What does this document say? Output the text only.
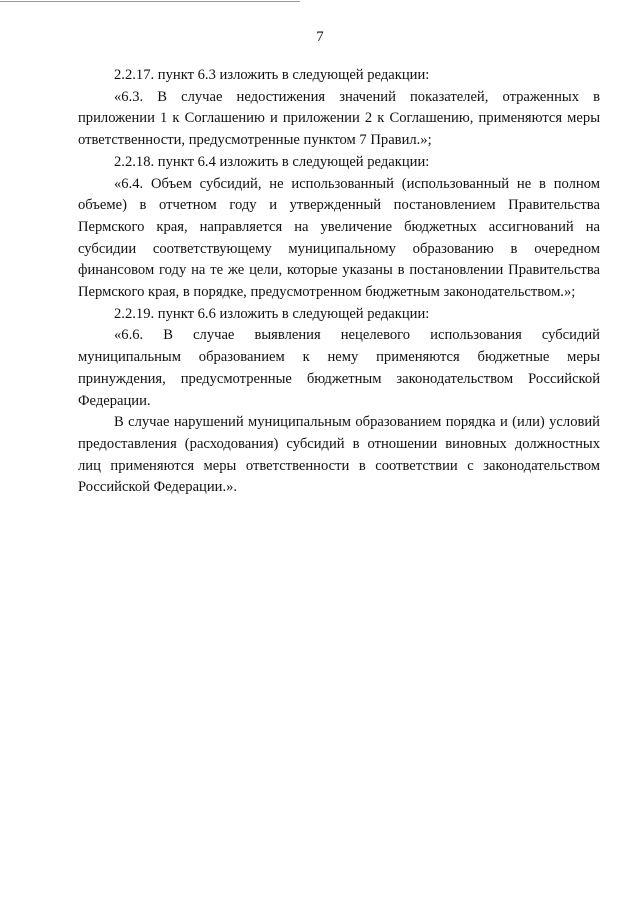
7

2.2.17. пункт 6.3 изложить в следующей редакции:

«6.3. В случае недостижения значений показателей, отраженных в приложении 1 к Соглашению и приложении 2 к Соглашению, применяются меры ответственности, предусмотренные пунктом 7 Правил.»;

2.2.18. пункт 6.4 изложить в следующей редакции:

«6.4. Объем субсидий, не использованный (использованный не в полном объеме) в отчетном году и утвержденный постановлением Правительства Пермского края, направляется на увеличение бюджетных ассигнований на субсидии соответствующему муниципальному образованию в очередном финансовом году на те же цели, которые указаны в постановлении Правительства Пермского края, в порядке, предусмотренном бюджетным законодательством.»;

2.2.19. пункт 6.6 изложить в следующей редакции:

«6.6. В случае выявления нецелевого использования субсидий муниципальным образованием к нему применяются бюджетные меры принуждения, предусмотренные бюджетным законодательством Российской Федерации.

В случае нарушений муниципальным образованием порядка и (или) условий предоставления (расходования) субсидий в отношении виновных должностных лиц применяются меры ответственности в соответствии с законодательством Российской Федерации.».
